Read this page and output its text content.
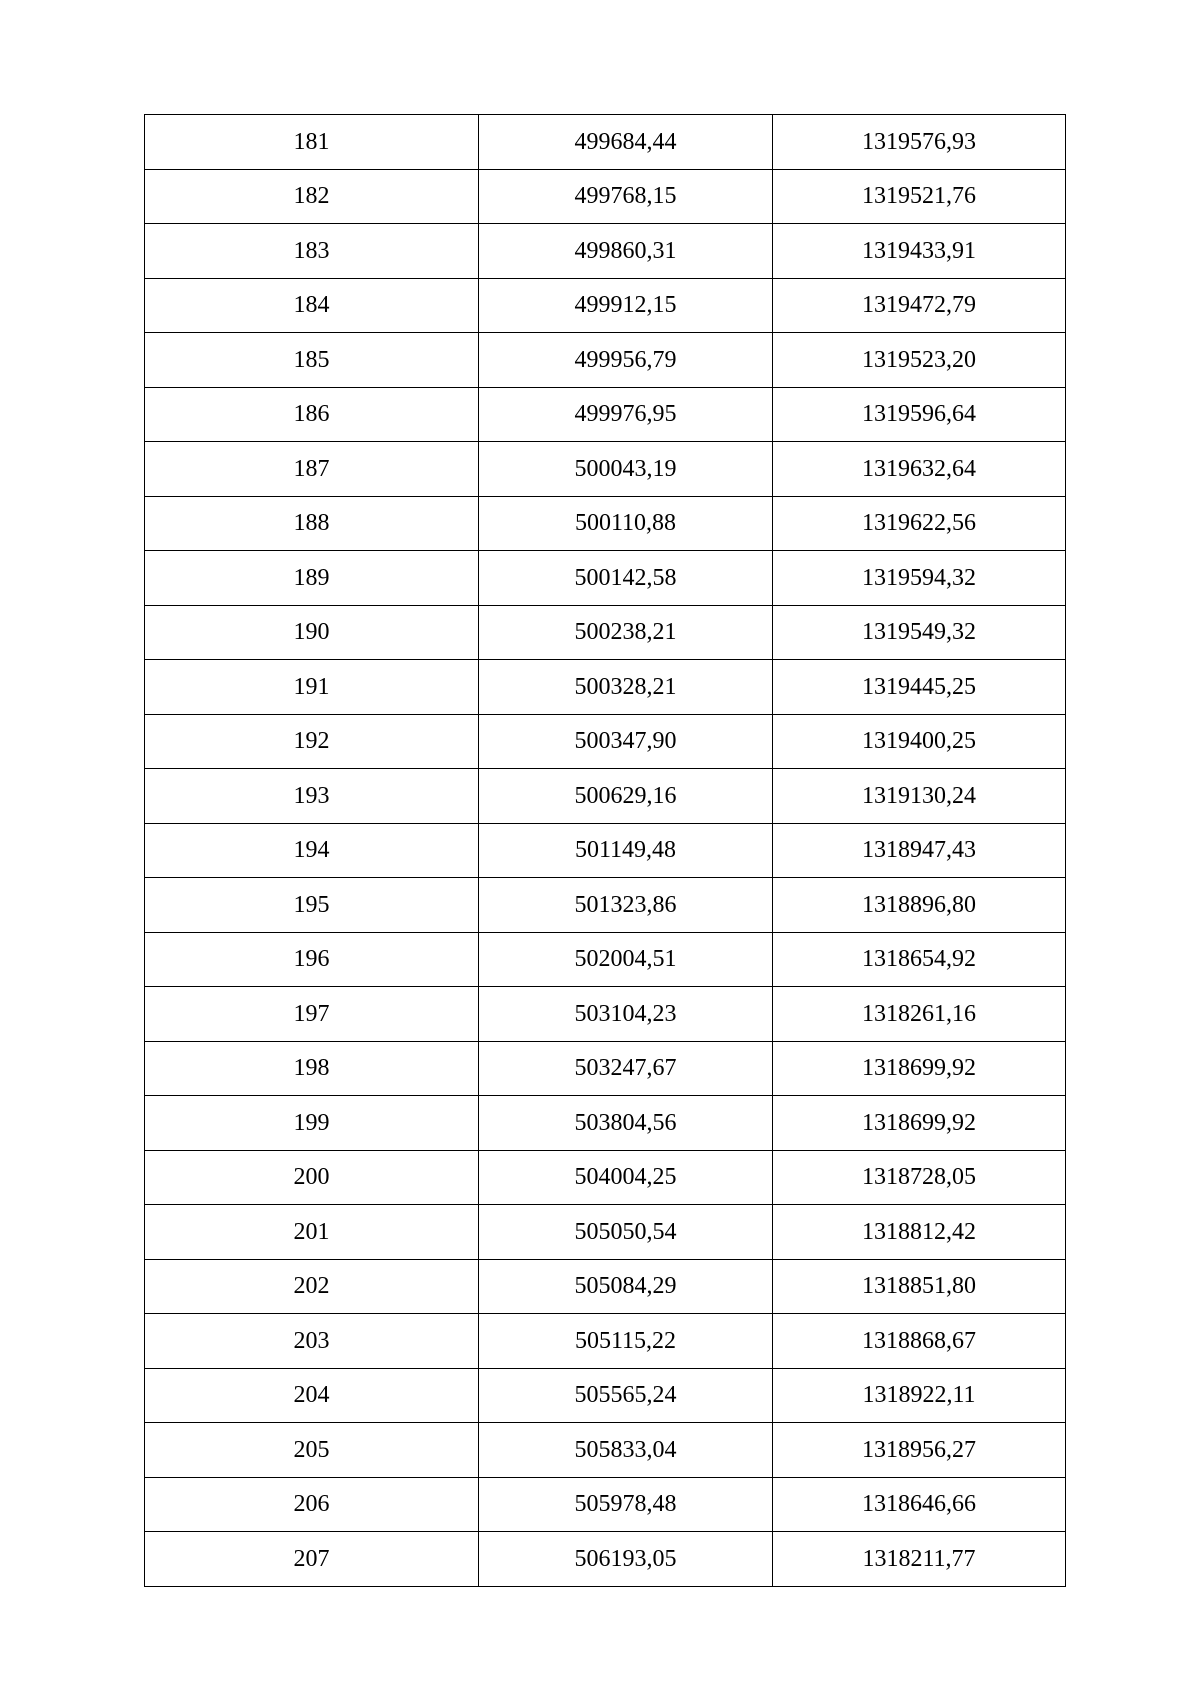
181	499684,44	1319576,93
182	499768,15	1319521,76
183	499860,31	1319433,91
184	499912,15	1319472,79
185	499956,79	1319523,20
186	499976,95	1319596,64
187	500043,19	1319632,64
188	500110,88	1319622,56
189	500142,58	1319594,32
190	500238,21	1319549,32
191	500328,21	1319445,25
192	500347,90	1319400,25
193	500629,16	1319130,24
194	501149,48	1318947,43
195	501323,86	1318896,80
196	502004,51	1318654,92
197	503104,23	1318261,16
198	503247,67	1318699,92
199	503804,56	1318699,92
200	504004,25	1318728,05
201	505050,54	1318812,42
202	505084,29	1318851,80
203	505115,22	1318868,67
204	505565,24	1318922,11
205	505833,04	1318956,27
206	505978,48	1318646,66
207	506193,05	1318211,77
